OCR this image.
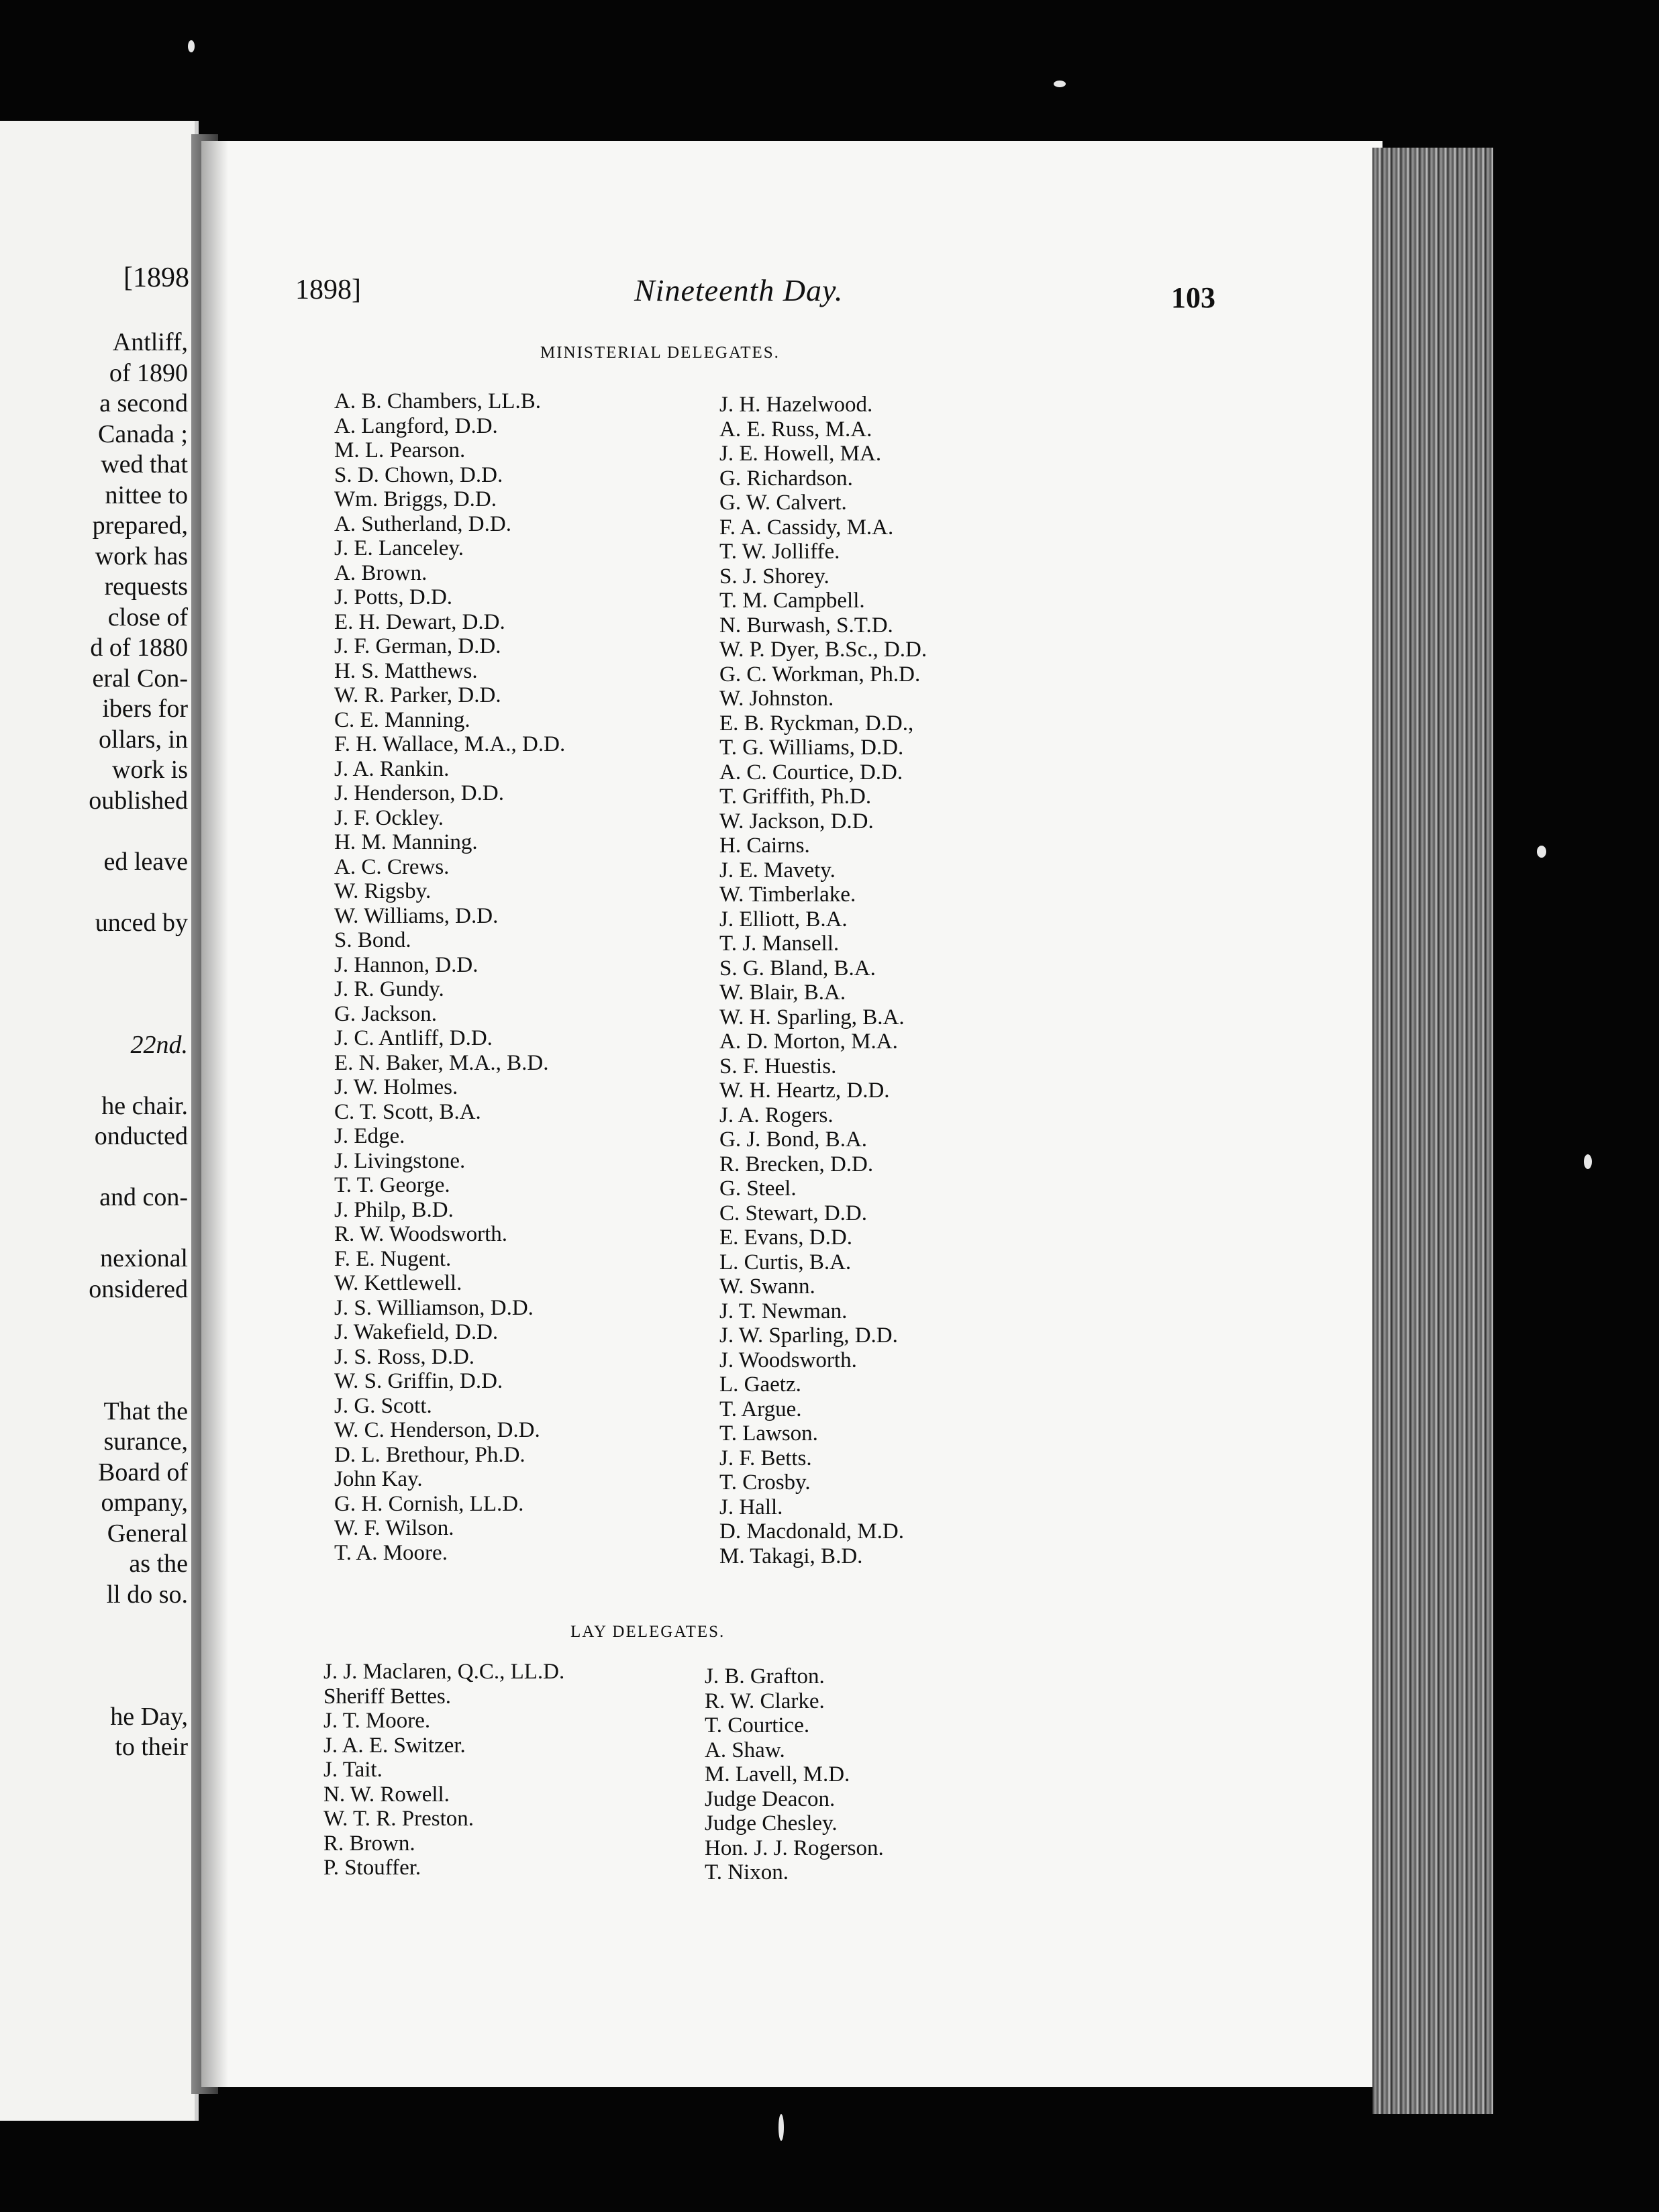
[1898
Antliff,
of 1890
a second
Canada ;
wed that
nittee to
prepared,
work has
requests
close of
d of 1880
eral Con-
ibers for
ollars, in
work is
oublished
ed leave
unced by
22nd.
he chair.
onducted
and con-
nexional
onsidered
That the
surance,
Board of
ompany,
General
as the
ll do so.
he Day,
to their
1898]	Nineteenth Day.	103
MINISTERIAL DELEGATES.
A. B. Chambers, LL.B.
A. Langford, D.D.
M. L. Pearson.
S. D. Chown, D.D.
Wm. Briggs, D.D.
A. Sutherland, D.D.
J. E. Lanceley.
A. Brown.
J. Potts, D.D.
E. H. Dewart, D.D.
J. F. German, D.D.
H. S. Matthews.
W. R. Parker, D.D.
C. E. Manning.
F. H. Wallace, M.A., D.D.
J. A. Rankin.
J. Henderson, D.D.
J. F. Ockley.
H. M. Manning.
A. C. Crews.
W. Rigsby.
W. Williams, D.D.
S. Bond.
J. Hannon, D.D.
J. R. Gundy.
G. Jackson.
J. C. Antliff, D.D.
E. N. Baker, M.A., B.D.
J. W. Holmes.
C. T. Scott, B.A.
J. Edge.
J. Livingstone.
T. T. George.
J. Philp, B.D.
R. W. Woodsworth.
F. E. Nugent.
W. Kettlewell.
J. S. Williamson, D.D.
J. Wakefield, D.D.
J. S. Ross, D.D.
W. S. Griffin, D.D.
J. G. Scott.
W. C. Henderson, D.D.
D. L. Brethour, Ph.D.
John Kay.
G. H. Cornish, LL.D.
W. F. Wilson.
T. A. Moore.
J. H. Hazelwood.
A. E. Russ, M.A.
J. E. Howell, MA.
G. Richardson.
G. W. Calvert.
F. A. Cassidy, M.A.
T. W. Jolliffe.
S. J. Shorey.
T. M. Campbell.
N. Burwash, S.T.D.
W. P. Dyer, B.Sc., D.D.
G. C. Workman, Ph.D.
W. Johnston.
E. B. Ryckman, D.D.,
T. G. Williams, D.D.
A. C. Courtice, D.D.
T. Griffith, Ph.D.
W. Jackson, D.D.
H. Cairns.
J. E. Mavety.
W. Timberlake.
J. Elliott, B.A.
T. J. Mansell.
S. G. Bland, B.A.
W. Blair, B.A.
W. H. Sparling, B.A.
A. D. Morton, M.A.
S. F. Huestis.
W. H. Heartz, D.D.
J. A. Rogers.
G. J. Bond, B.A.
R. Brecken, D.D.
G. Steel.
C. Stewart, D.D.
E. Evans, D.D.
L. Curtis, B.A.
W. Swann.
J. T. Newman.
J. W. Sparling, D.D.
J. Woodsworth.
L. Gaetz.
T. Argue.
T. Lawson.
J. F. Betts.
T. Crosby.
J. Hall.
D. Macdonald, M.D.
M. Takagi, B.D.
LAY DELEGATES.
J. J. Maclaren, Q.C., LL.D.
Sheriff Bettes.
J. T. Moore.
J. A. E. Switzer.
J. Tait.
N. W. Rowell.
W. T. R. Preston.
R. Brown.
P. Stouffer.
J. B. Grafton.
R. W. Clarke.
T. Courtice.
A. Shaw.
M. Lavell, M.D.
Judge Deacon.
Judge Chesley.
Hon. J. J. Rogerson.
T. Nixon.
